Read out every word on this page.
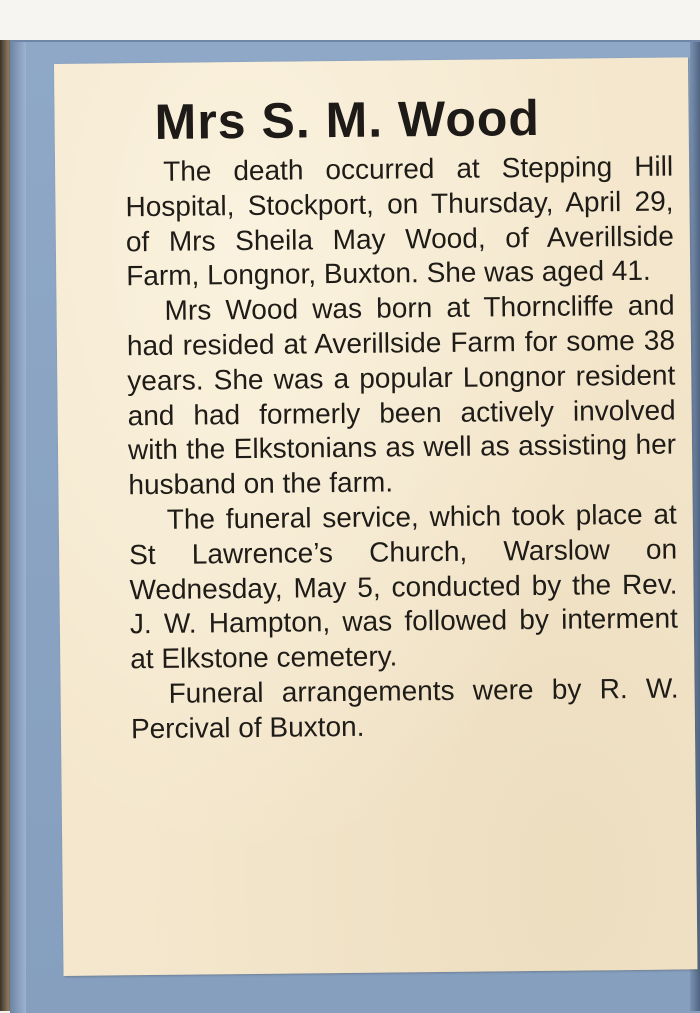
Mrs S. M. Wood

The death occurred at Stepping Hill Hospital, Stockport, on Thursday, April 29, of Mrs Sheila May Wood, of Averillside Farm, Longnor, Buxton. She was aged 41.

Mrs Wood was born at Thorncliffe and had resided at Averillside Farm for some 38 years. She was a popular Longnor resident and had formerly been actively involved with the Elkstonians as well as assisting her husband on the farm.

The funeral service, which took place at St Lawrence’s Church, Warslow on Wednesday, May 5, conducted by the Rev. J. W. Hampton, was followed by interment at Elkstone cemetery.

Funeral arrangements were by R. W. Percival of Buxton.
